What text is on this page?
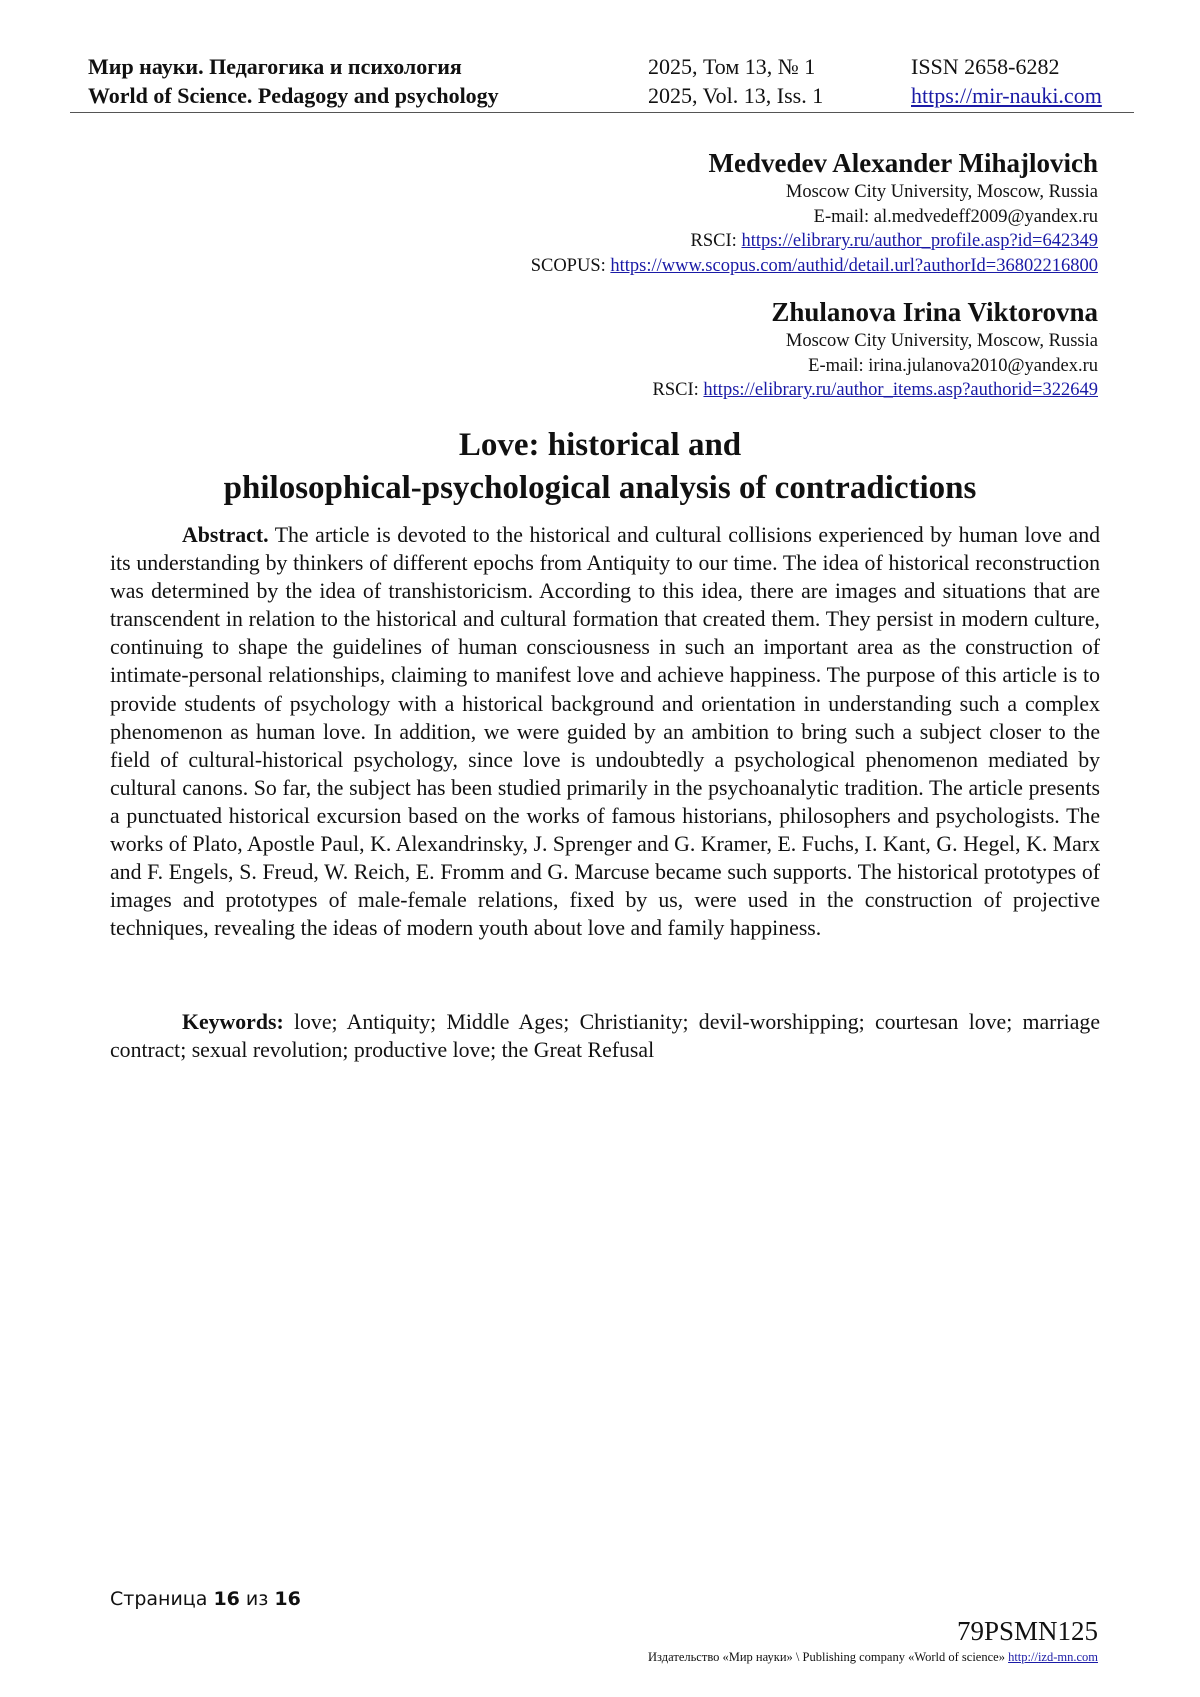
Мир науки. Педагогика и психология
World of Science. Pedagogy and psychology
2025, Том 13, № 1
2025, Vol. 13, Iss. 1
ISSN 2658-6282
https://mir-nauki.com
Medvedev Alexander Mihajlovich
Moscow City University, Moscow, Russia
E-mail: al.medvedeff2009@yandex.ru
RSCI: https://elibrary.ru/author_profile.asp?id=642349
SCOPUS: https://www.scopus.com/authid/detail.url?authorId=36802216800
Zhulanova Irina Viktorovna
Moscow City University, Moscow, Russia
E-mail: irina.julanova2010@yandex.ru
RSCI: https://elibrary.ru/author_items.asp?authorid=322649
Love: historical and
philosophical-psychological analysis of contradictions

Abstract. The article is devoted to the historical and cultural collisions experienced by human love and its understanding by thinkers of different epochs from Antiquity to our time. The idea of historical reconstruction was determined by the idea of transhistoricism. According to this idea, there are images and situations that are transcendent in relation to the historical and cultural formation that created them. They persist in modern culture, continuing to shape the guidelines of human consciousness in such an important area as the construction of intimate-personal relationships, claiming to manifest love and achieve happiness. The purpose of this article is to provide students of psychology with a historical background and orientation in understanding such a complex phenomenon as human love. In addition, we were guided by an ambition to bring such a subject closer to the field of cultural-historical psychology, since love is undoubtedly a psychological phenomenon mediated by cultural canons. So far, the subject has been studied primarily in the psychoanalytic tradition. The article presents a punctuated historical excursion based on the works of famous historians, philosophers and psychologists. The works of Plato, Apostle Paul, K. Alexandrinsky, J. Sprenger and G. Kramer, E. Fuchs, I. Kant, G. Hegel, K. Marx and F. Engels, S. Freud, W. Reich, E. Fromm and G. Marcuse became such supports. The historical prototypes of images and prototypes of male-female relations, fixed by us, were used in the construction of projective techniques, revealing the ideas of modern youth about love and family happiness.

Keywords: love; Antiquity; Middle Ages; Christianity; devil-worshipping; courtesan love; marriage contract; sexual revolution; productive love; the Great Refusal

Страница 16 из 16
79PSMN125
Издательство «Мир науки» \ Publishing company «World of science» http://izd-mn.com
